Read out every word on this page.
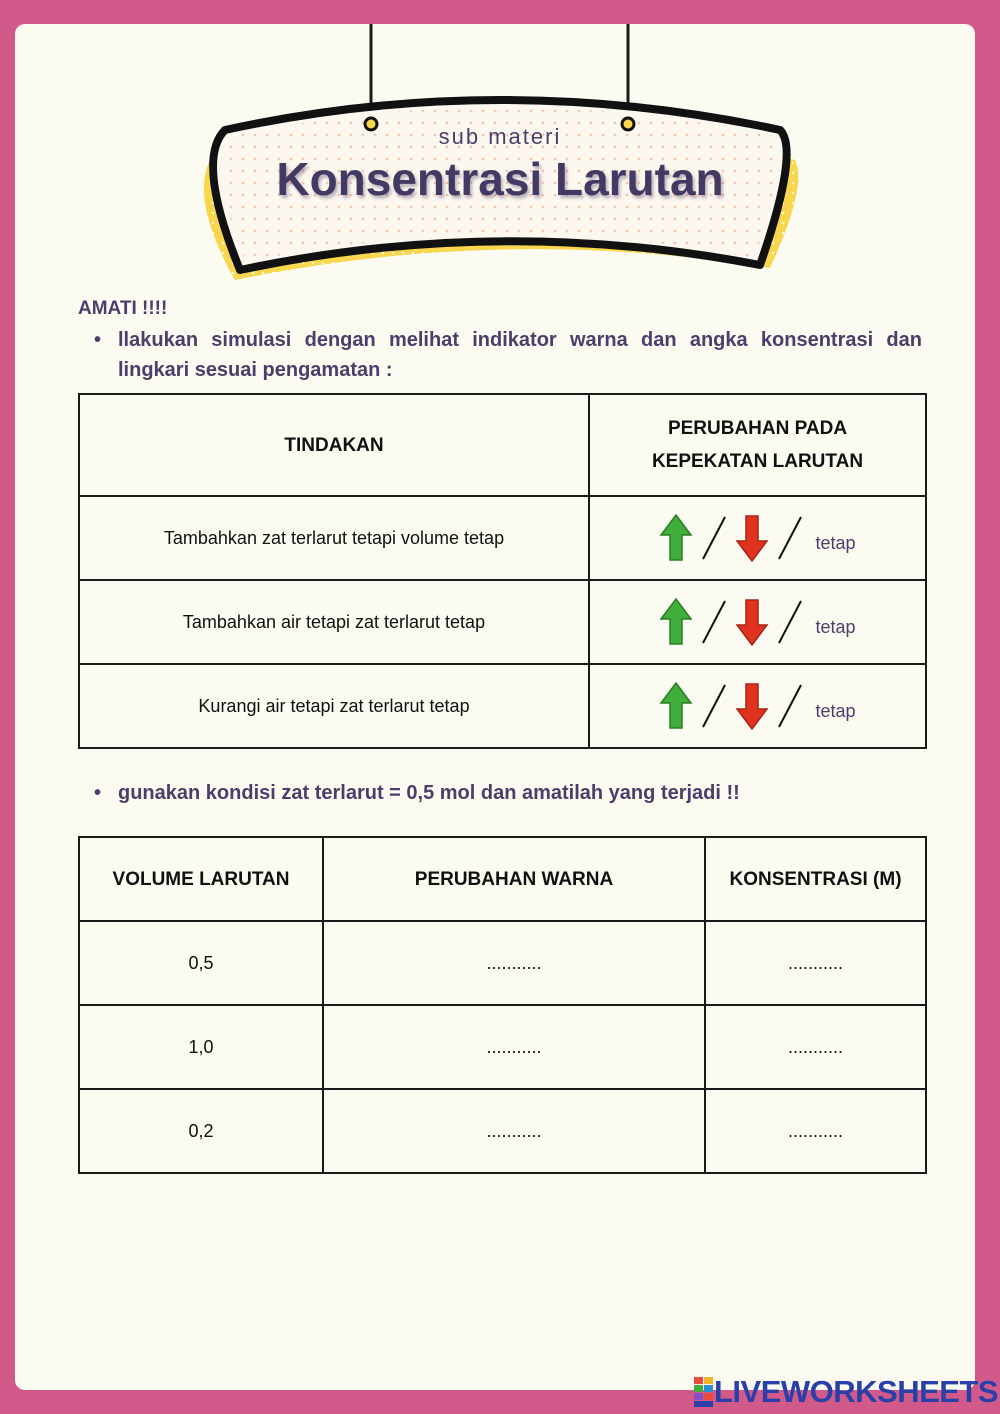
sub materi
Konsentrasi Larutan
AMATI !!!!
• llakukan simulasi dengan melihat indikator warna dan angka konsentrasi dan lingkari sesuai pengamatan :
TINDAKAN	PERUBAHAN PADA KEPEKATAN LARUTAN
Tambahkan zat terlarut tetapi volume tetap	tetap

Tambahkan air tetapi zat terlarut tetap	tetap

Kurangi air tetapi zat terlarut tetap	tetap
• gunakan kondisi zat terlarut = 0,5 mol dan amatilah yang terjadi !!
VOLUME LARUTAN	PERUBAHAN WARNA	KONSENTRASI (M)
0,5	...........	...........
1,0	...........	...........
0,2	...........	...........
LIVEWORKSHEETS
